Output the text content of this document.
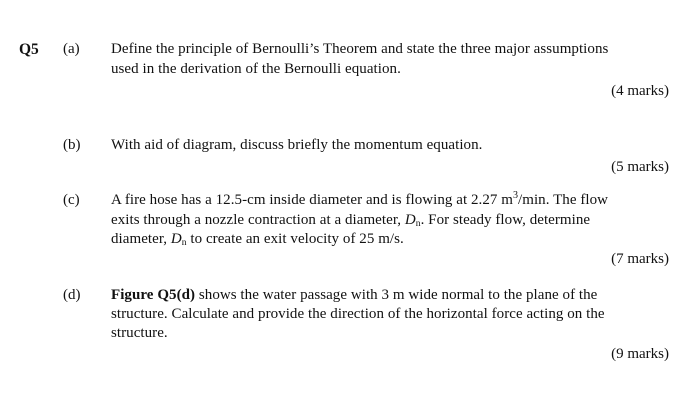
Q5 (a) Define the principle of Bernoulli’s Theorem and state the three major assumptions
used in the derivation of the Bernoulli equation.
(4 marks)
(b) With aid of diagram, discuss briefly the momentum equation.
(5 marks)
(c) A fire hose has a 12.5-cm inside diameter and is flowing at 2.27 $m^3/\min$. The flow
exits through a nozzle contraction at a diameter, $D_n$. For steady flow, determine
diameter, $D_n$ to create an exit velocity of 25 m/s.
(7 marks)
(d) Figure Q5(d) shows the water passage with 3 m wide normal to the plane of the
structure. Calculate and provide the direction of the horizontal force acting on the
structure.
(9 marks)
